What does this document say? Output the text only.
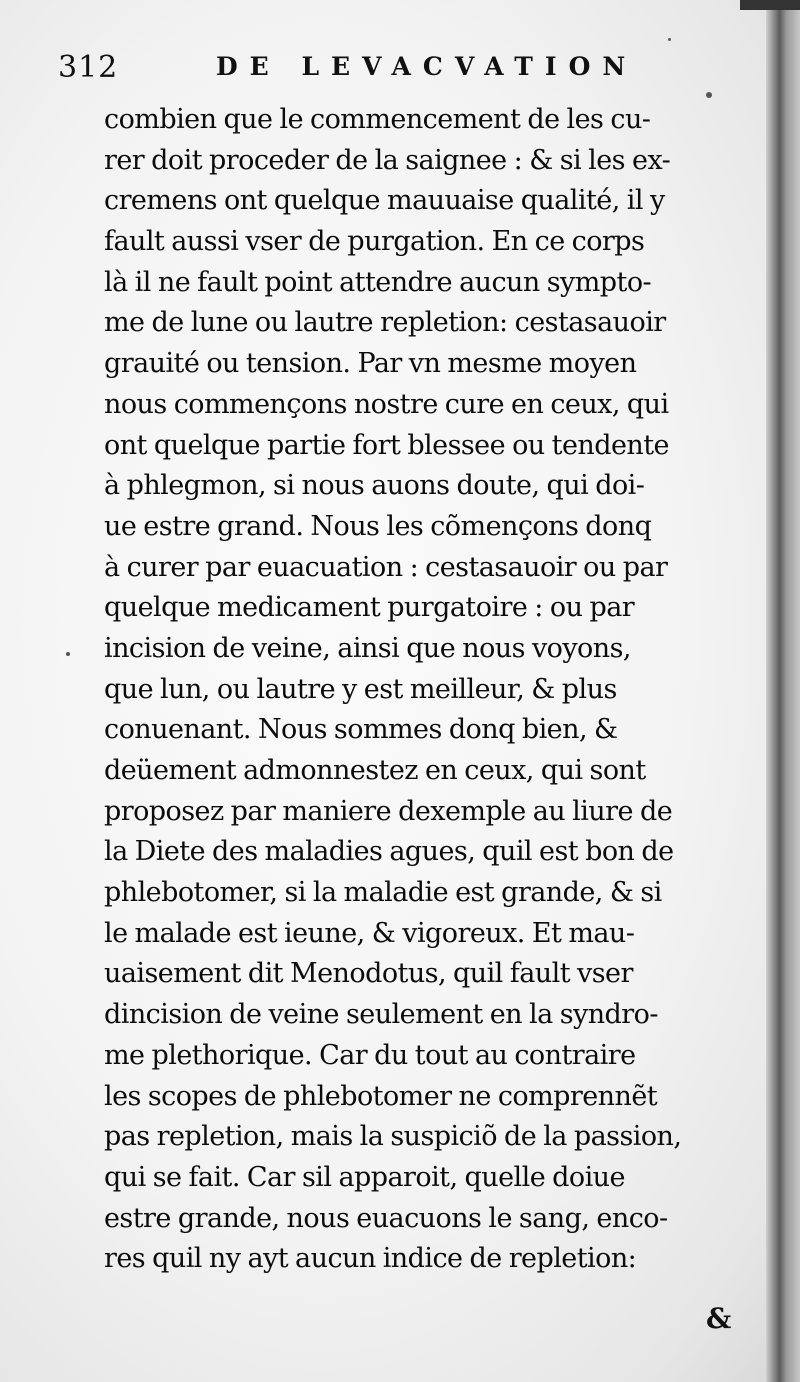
312	DE LEVACVATION
combien que le commencement de les cu-
rer doit proceder de la saignee : & si les ex-
cremens ont quelque mauuaise qualité, il y
fault aussi vser de purgation. En ce corps
là il ne fault point attendre aucun sympto-
me de lune ou lautre repletion: cestasauoir
grauité ou tension. Par vn mesme moyen
nous commençons nostre cure en ceux, qui
ont quelque partie fort blessee ou tendente
à phlegmon, si nous auons doute, qui doi-
ue estre grand. Nous les cõmençons donq
à curer par euacuation : cestasauoir ou par
quelque medicament purgatoire : ou par
incision de veine, ainsi que nous voyons,
que lun, ou lautre y est meilleur, & plus
conuenant. Nous sommes donq bien, &
deüement admonnestez en ceux, qui sont
proposez par maniere dexemple au liure de
la Diete des maladies agues, quil est bon de
phlebotomer, si la maladie est grande, & si
le malade est ieune, & vigoreux. Et mau-
uaisement dit Menodotus, quil fault vser
dincision de veine seulement en la syndro-
me plethorique. Car du tout au contraire
les scopes de phlebotomer ne comprennẽt
pas repletion, mais la suspiciõ de la passion,
qui se fait. Car sil apparoit, quelle doiue
estre grande, nous euacuons le sang, enco-
res quil ny ayt aucun indice de repletion:
&
